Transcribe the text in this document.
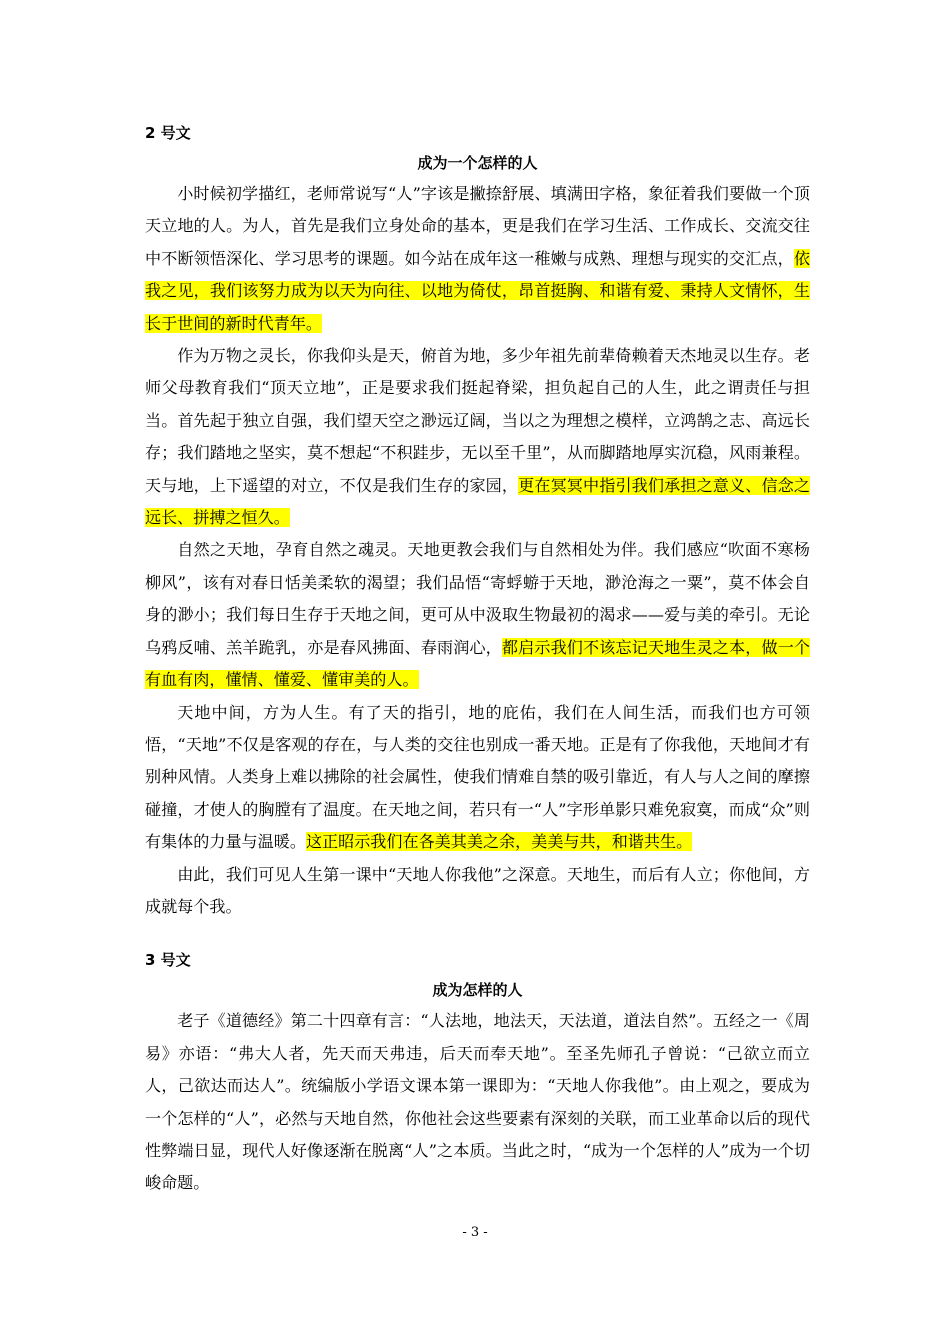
2 号文

成为一个怎样的人

小时候初学描红，老师常说写“人”字该是撇捺舒展、填满田字格，象征着我们要做一个顶天立地的人。为人，首先是我们立身处命的基本，更是我们在学习生活、工作成长、交流交往中不断领悟深化、学习思考的课题。如今站在成年这一稚嫩与成熟、理想与现实的交汇点，依我之见，我们该努力成为以天为向往、以地为倚仗，昂首挺胸、和谐有爱、秉持人文情怀，生长于世间的新时代青年。

作为万物之灵长，你我仰头是天，俯首为地，多少年祖先前辈倚赖着天杰地灵以生存。老师父母教育我们“顶天立地”，正是要求我们挺起脊梁，担负起自己的人生，此之谓责任与担当。首先起于独立自强，我们望天空之渺远辽阔，当以之为理想之模样，立鸿鹄之志、高远长存；我们踏地之坚实，莫不想起“不积跬步，无以至千里”，从而脚踏地厚实沉稳，风雨兼程。天与地，上下遥望的对立，不仅是我们生存的家园，更在冥冥中指引我们承担之意义、信念之远长、拼搏之恒久。

自然之天地，孕育自然之魂灵。天地更教会我们与自然相处为伴。我们感应“吹面不寒杨柳风”，该有对春日恬美柔软的渴望；我们品悟“寄蜉蝣于天地，渺沧海之一粟”，莫不体会自身的渺小；我们每日生存于天地之间，更可从中汲取生物最初的渴求——爱与美的牵引。无论乌鸦反哺、羔羊跪乳，亦是春风拂面、春雨润心，都启示我们不该忘记天地生灵之本，做一个有血有肉，懂情、懂爱、懂审美的人。

天地中间，方为人生。有了天的指引，地的庇佑，我们在人间生活，而我们也方可领悟，“天地”不仅是客观的存在，与人类的交往也别成一番天地。正是有了你我他，天地间才有别种风情。人类身上难以拂除的社会属性，使我们情难自禁的吸引靠近，有人与人之间的摩擦碰撞，才使人的胸膛有了温度。在天地之间，若只有一“人”字形单影只难免寂寞，而成“众”则有集体的力量与温暖。这正昭示我们在各美其美之余，美美与共，和谐共生。

由此，我们可见人生第一课中“天地人你我他”之深意。天地生，而后有人立；你他间，方成就每个我。

3 号文

成为怎样的人

老子《道德经》第二十四章有言：“人法地，地法天，天法道，道法自然”。五经之一《周易》亦语：“弗大人者，先天而天弗违，后天而奉天地”。至圣先师孔子曾说：“己欲立而立人，己欲达而达人”。统编版小学语文课本第一课即为：“天地人你我他”。由上观之，要成为一个怎样的“人”，必然与天地自然，你他社会这些要素有深刻的关联，而工业革命以后的现代性弊端日显，现代人好像逐渐在脱离“人”之本质。当此之时，“成为一个怎样的人”成为一个切峻命题。

- 3 -
